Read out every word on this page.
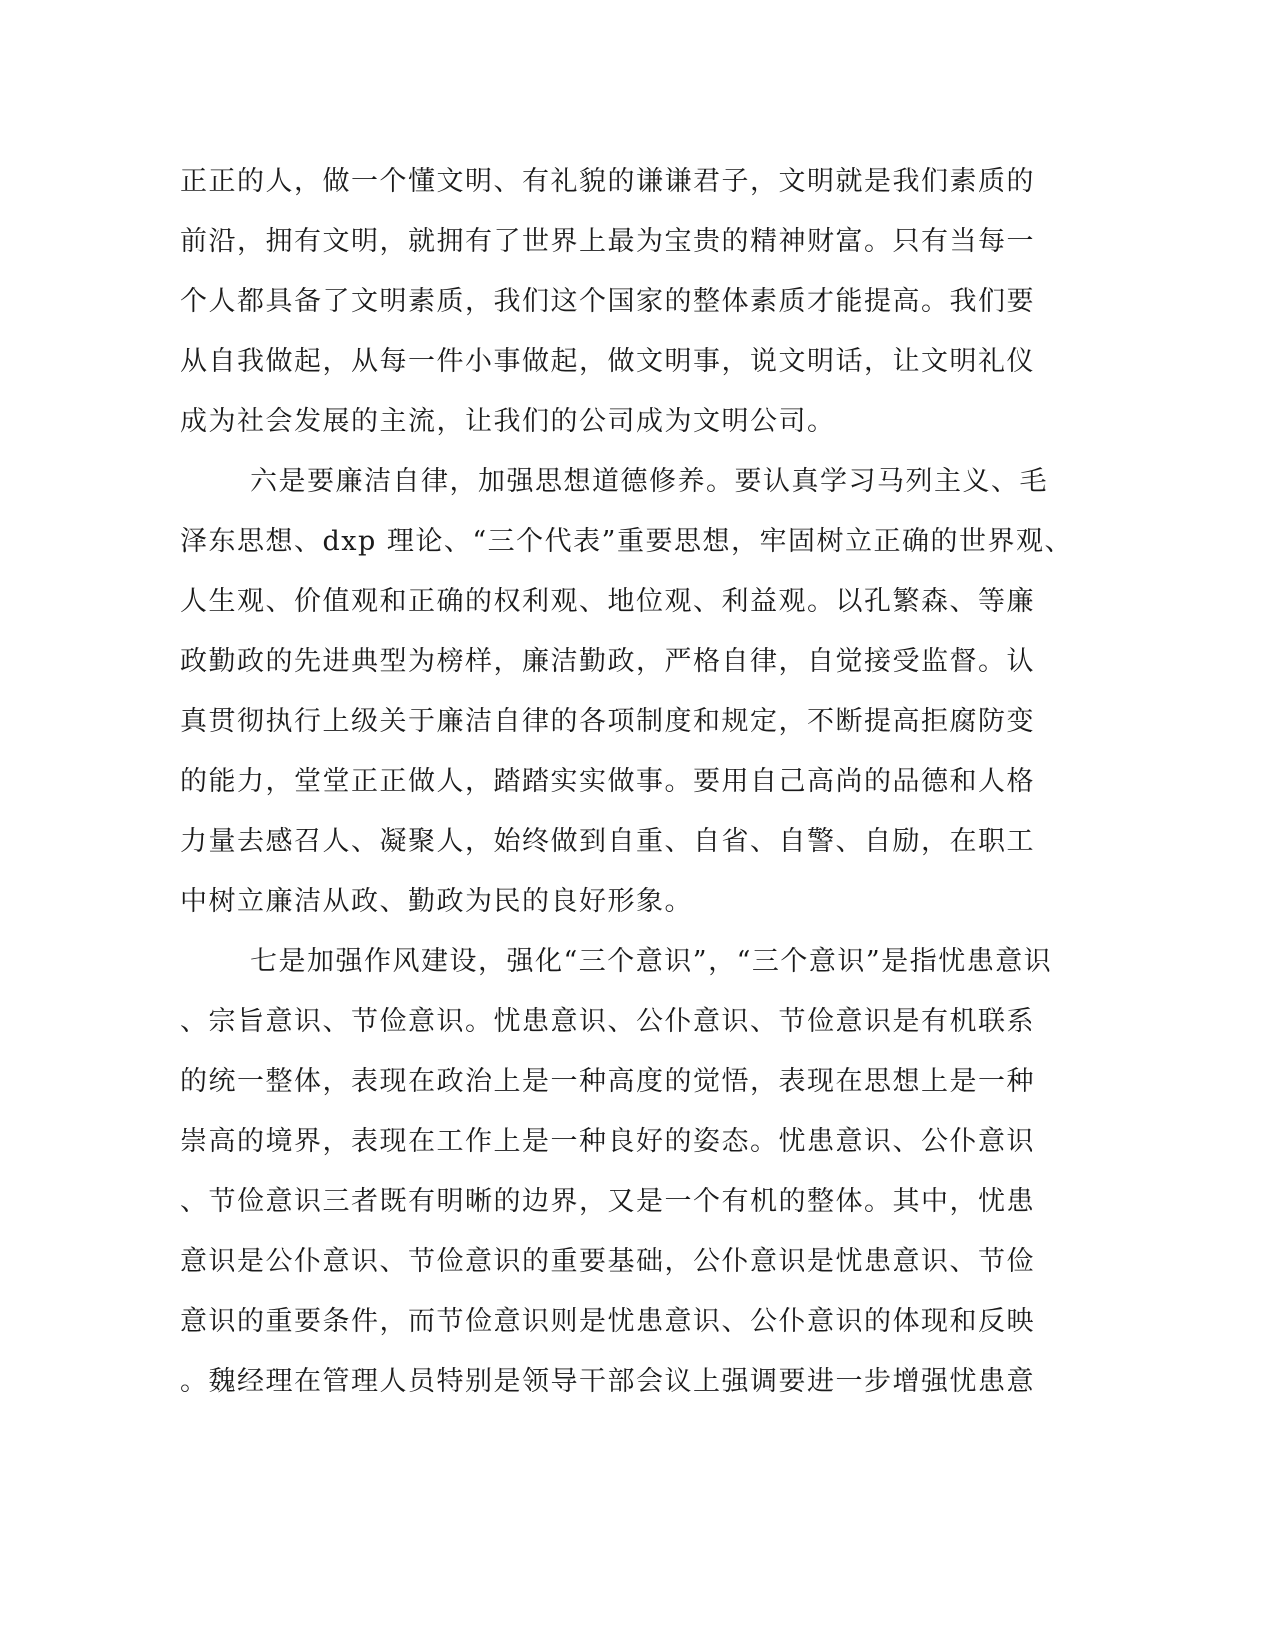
正正的人，做一个懂文明、有礼貌的谦谦君子，文明就是我们素质的
前沿，拥有文明，就拥有了世界上最为宝贵的精神财富。只有当每一
个人都具备了文明素质，我们这个国家的整体素质才能提高。我们要
从自我做起，从每一件小事做起，做文明事，说文明话，让文明礼仪
成为社会发展的主流，让我们的公司成为文明公司。
六是要廉洁自律，加强思想道德修养。要认真学习马列主义、毛
泽东思想、dxp 理论、“三个代表”重要思想，牢固树立正确的世界观、
人生观、价值观和正确的权利观、地位观、利益观。以孔繁森、等廉
政勤政的先进典型为榜样，廉洁勤政，严格自律，自觉接受监督。认
真贯彻执行上级关于廉洁自律的各项制度和规定，不断提高拒腐防变
的能力，堂堂正正做人，踏踏实实做事。要用自己高尚的品德和人格
力量去感召人、凝聚人，始终做到自重、自省、自警、自励，在职工
中树立廉洁从政、勤政为民的良好形象。
七是加强作风建设，强化“三个意识”，“三个意识”是指忧患意识
、宗旨意识、节俭意识。忧患意识、公仆意识、节俭意识是有机联系
的统一整体，表现在政治上是一种高度的觉悟，表现在思想上是一种
崇高的境界，表现在工作上是一种良好的姿态。忧患意识、公仆意识
、节俭意识三者既有明晰的边界，又是一个有机的整体。其中，忧患
意识是公仆意识、节俭意识的重要基础，公仆意识是忧患意识、节俭
意识的重要条件，而节俭意识则是忧患意识、公仆意识的体现和反映
。魏经理在管理人员特别是领导干部会议上强调要进一步增强忧患意
